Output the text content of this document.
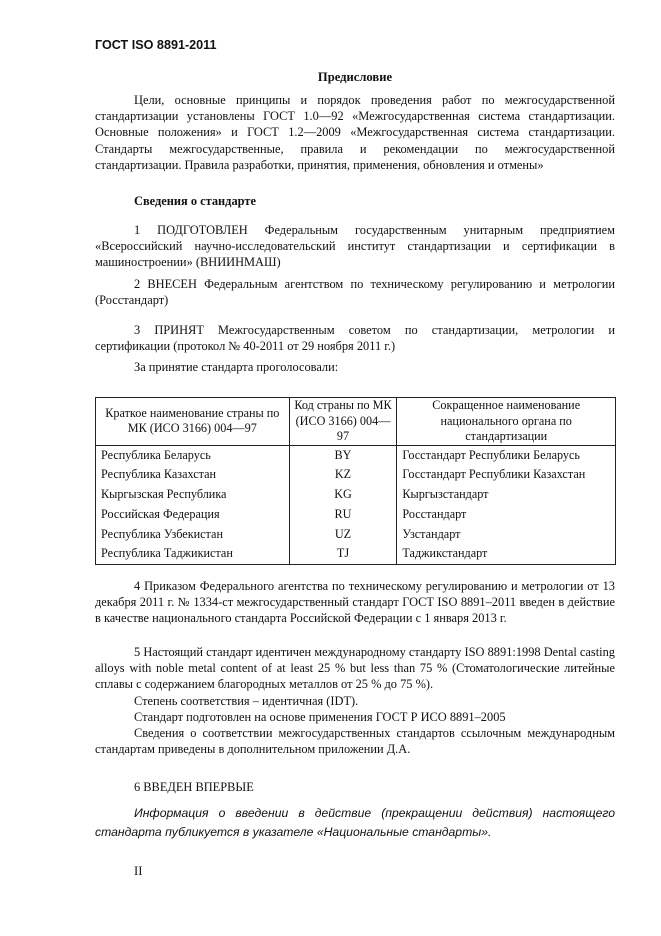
ГОСТ ISO 8891-2011
Предисловие

Цели, основные принципы и порядок проведения работ по межгосударственной стандартизации установлены ГОСТ 1.0—92 «Межгосударственная система стандартизации. Основные положения» и ГОСТ 1.2—2009 «Межгосударственная система стандартизации. Стандарты межгосударственные, правила и рекомендации по межгосударственной стандартизации. Правила разработки, принятия, применения, обновления и отмены»

Сведения о стандарте

1 ПОДГОТОВЛЕН Федеральным государственным унитарным предприятием «Всероссийский научно-исследовательский институт стандартизации и сертификации в машиностроении» (ВНИИНМАШ)

2 ВНЕСЕН Федеральным агентством по техническому регулированию и метрологии (Росстандарт)

3 ПРИНЯТ Межгосударственным советом по стандартизации, метрологии и сертификации (протокол № 40-2011 от 29 ноября 2011 г.)

За принятие стандарта проголосовали:
Краткое наименование страны по МК (ИСО 3166) 004—97	Код страны по МК (ИСО 3166) 004—97	Сокращенное наименование национального органа по стандартизации
Республика Беларусь	BY	Госстандарт Республики Беларусь
Республика Казахстан	KZ	Госстандарт Республики Казахстан
Кыргызская Республика	KG	Кыргызстандарт
Российская Федерация	RU	Росстандарт
Республика Узбекистан	UZ	Узстандарт
Республика Таджикистан	TJ	Таджикстандарт

4 Приказом Федерального агентства по техническому регулированию и метрологии от 13 декабря 2011 г. № 1334-ст межгосударственный стандарт ГОСТ ISO 8891–2011 введен в действие в качестве национального стандарта Российской Федерации с 1 января 2013 г.

5 Настоящий стандарт идентичен международному стандарту ISO 8891:1998 Dental casting alloys with noble metal content of at least 25 % but less than 75 % (Стоматологические литейные сплавы с содержанием благородных металлов от 25 % до 75 %).

Степень соответствия – идентичная (IDT).

Стандарт подготовлен на основе применения ГОСТ Р ИСО 8891–2005

Сведения о соответствии межгосударственных стандартов ссылочным международным стандартам приведены в дополнительном приложении Д.А.

6 ВВЕДЕН ВПЕРВЫЕ

Информация о введении в действие (прекращении действия) настоящего стандарта публикуется в указателе «Национальные стандарты».

II
